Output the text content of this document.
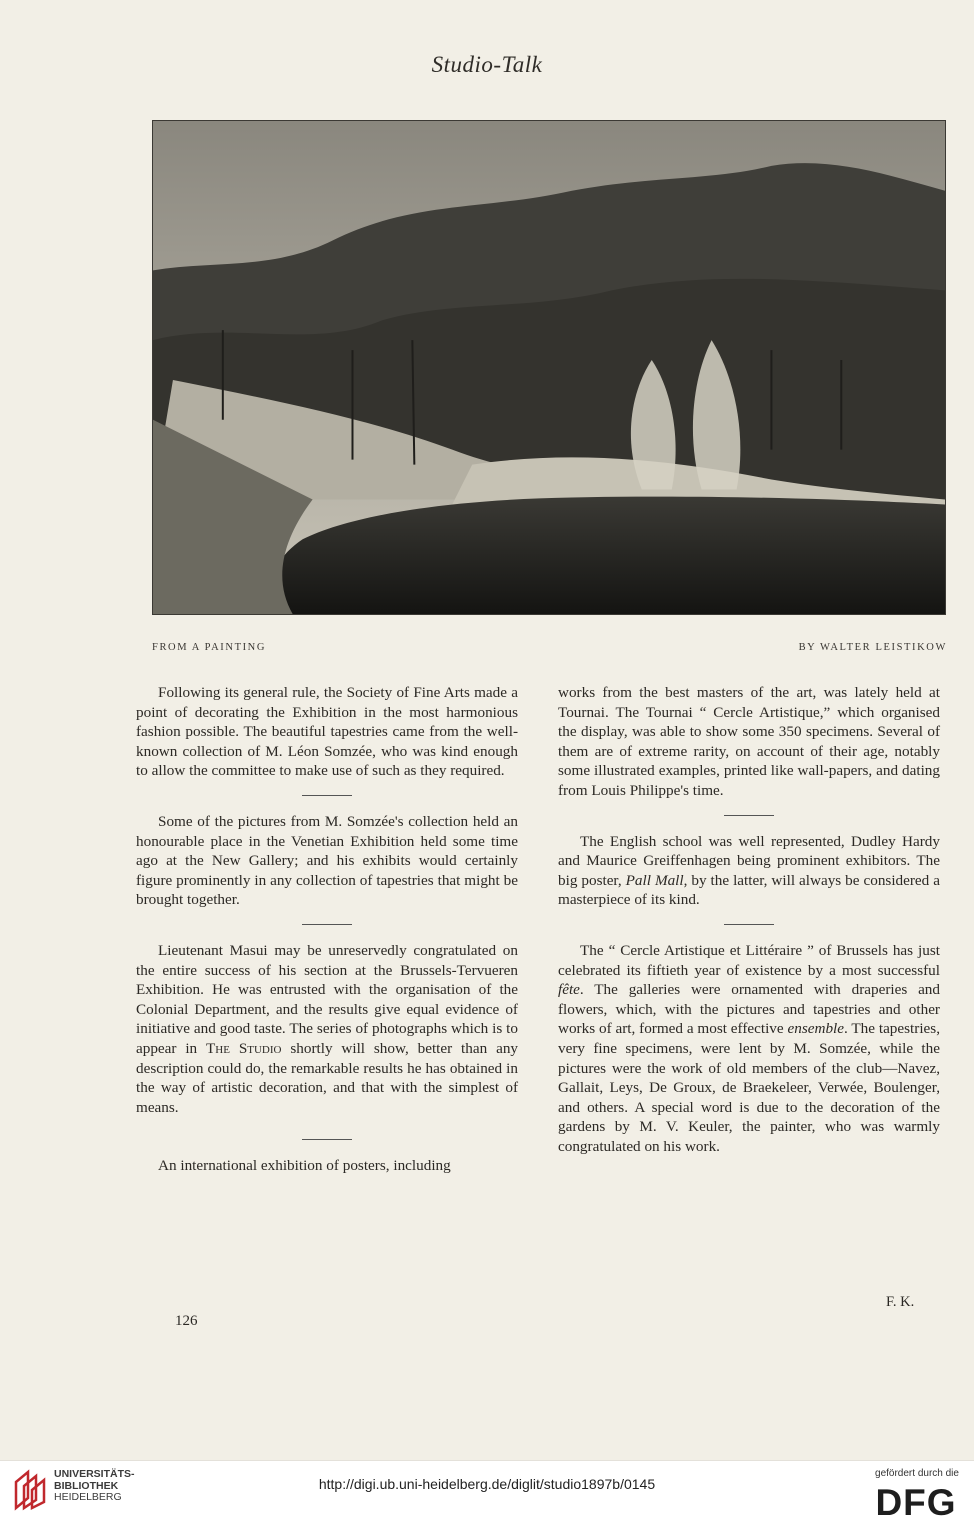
Studio-Talk
FROM A PAINTING	BY WALTER LEISTIKOW

Following its general rule, the Society of Fine Arts made a point of decorating the Exhibition in the most harmonious fashion possible. The beautiful tapestries came from the well-known collection of M. Léon Somzée, who was kind enough to allow the committee to make use of such as they required.

Some of the pictures from M. Somzée's collection held an honourable place in the Venetian Exhibition held some time ago at the New Gallery; and his exhibits would certainly figure prominently in any collection of tapestries that might be brought together.

Lieutenant Masui may be unreservedly congratulated on the entire success of his section at the Brussels-Tervueren Exhibition. He was entrusted with the organisation of the Colonial Department, and the results give equal evidence of initiative and good taste. The series of photographs which is to appear in The Studio shortly will show, better than any description could do, the remarkable results he has obtained in the way of artistic decoration, and that with the simplest of means.

An international exhibition of posters, including

works from the best masters of the art, was lately held at Tournai. The Tournai “ Cercle Artistique,” which organised the display, was able to show some 350 specimens. Several of them are of extreme rarity, on account of their age, notably some illustrated examples, printed like wall-papers, and dating from Louis Philippe's time.

The English school was well represented, Dudley Hardy and Maurice Greiffenhagen being prominent exhibitors. The big poster, Pall Mall, by the latter, will always be considered a masterpiece of its kind.

The “ Cercle Artistique et Littéraire ” of Brussels has just celebrated its fiftieth year of existence by a most successful fête. The galleries were ornamented with draperies and flowers, which, with the pictures and tapestries and other works of art, formed a most effective ensemble. The tapestries, very fine specimens, were lent by M. Somzée, while the pictures were the work of old members of the club—Navez, Gallait, Leys, De Groux, de Braekeleer, Verwée, Boulenger, and others. A special word is due to the decoration of the gardens by M. V. Keuler, the painter, who was warmly congratulated on his work.

F. K.
126
UNIVERSITÄTS-
BIBLIOTHEK
HEIDELBERG
http://digi.ub.uni-heidelberg.de/diglit/studio1897b/0145
gefördert durch die
DFG
